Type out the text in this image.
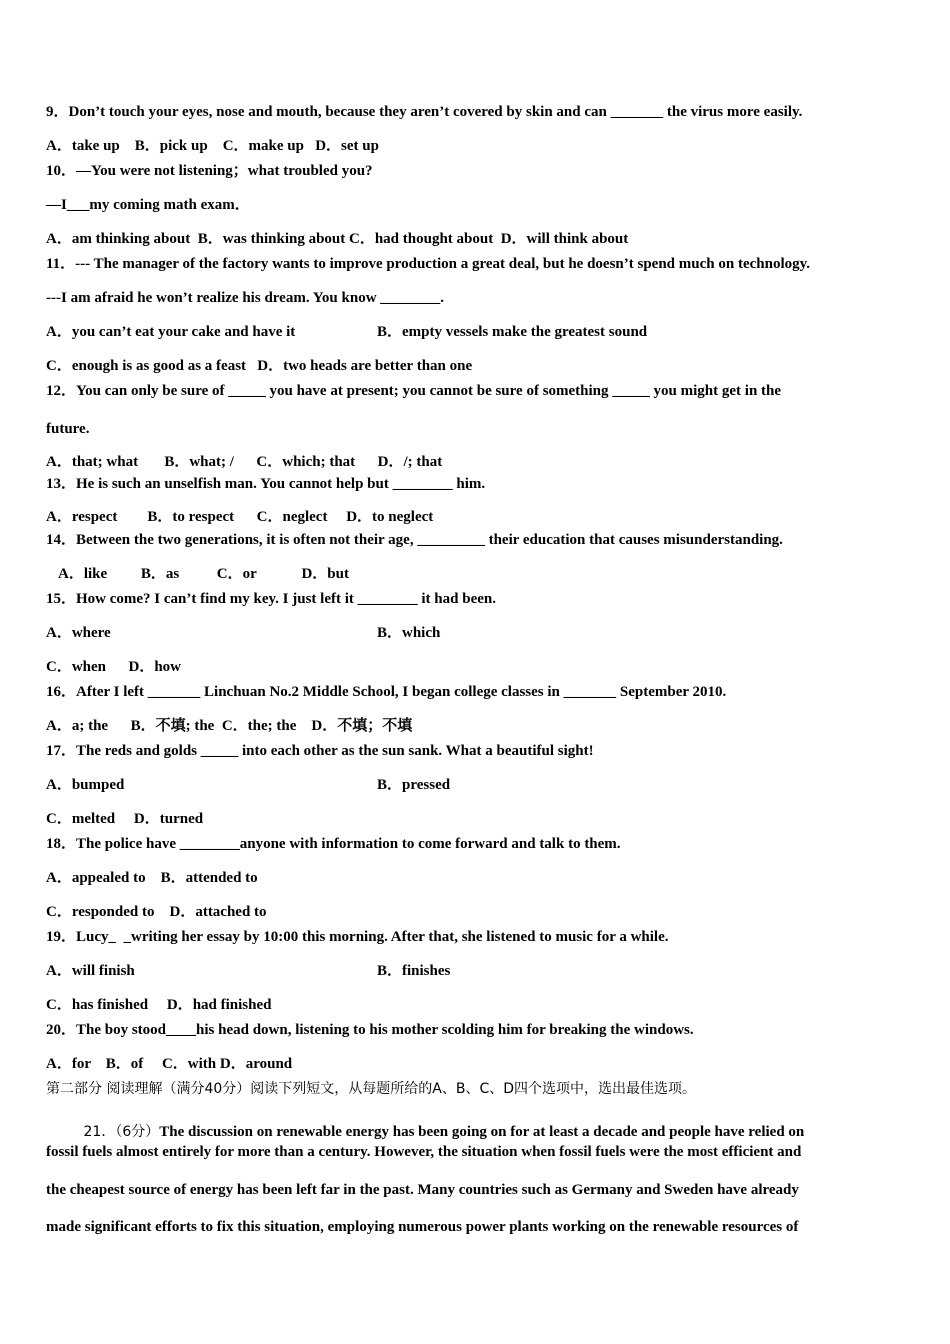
9．Don’t touch your eyes, nose and mouth, because they aren’t covered by skin and can _______ the virus more easily.
A．take up    B．pick up    C．make up   D．set up
10．—You were not listening；what troubled you?
—I___my coming math exam．
A．am thinking about  B．was thinking about C．had thought about  D．will think about
11．--- The manager of the factory wants to improve production a great deal, but he doesn’t spend much on technology.
---I am afraid he won’t realize his dream. You know ________.
A．you can’t eat your cake and have it	B．empty vessels make the greatest sound
C．enough is as good as a feast   D．two heads are better than one
12．You can only be sure of _____ you have at present; you cannot be sure of something _____ you might get in the
future.
A．that; what       B．what; /      C．which; that      D．/; that
13．He is such an unselfish man. You cannot help but ________ him.
A．respect        B．to respect      C．neglect     D．to neglect
14．Between the two generations, it is often not their age, _________ their education that causes misunderstanding.
A．like         B．as          C．or            D．but
15．How come? I can’t find my key. I just left it ________ it had been.
A．where	B．which
C．when      D．how
16．After I left _______ Linchuan No.2 Middle School, I began college classes in _______ September 2010.
A．a; the      B．不填; the  C．the; the    D．不填；不填
17．The reds and golds _____ into each other as the sun sank. What a beautiful sight!
A．bumped	B．pressed
C．melted     D．turned
18．The police have ________anyone with information to come forward and talk to them.
A．appealed to    B．attended to
C．responded to    D．attached to
19．Lucy_  _writing her essay by 10:00 this morning. After that, she listened to music for a while.
A．will finish	B．finishes
C．has finished     D．had finished
20．The boy stood____his head down, listening to his mother scolding him for breaking the windows.
A．for    B．of     C．with D．around
第二部分 阅读理解（满分40分）阅读下列短文，从每题所给的A、B、C、D四个选项中，选出最佳选项。

21．（6分）The discussion on renewable energy has been going on for at least a decade and people have relied on

fossil fuels almost entirely for more than a century. However, the situation when fossil fuels were the most efficient and
the cheapest source of energy has been left far in the past. Many countries such as Germany and Sweden have already
made significant efforts to fix this situation, employing numerous power plants working on the renewable resources of
